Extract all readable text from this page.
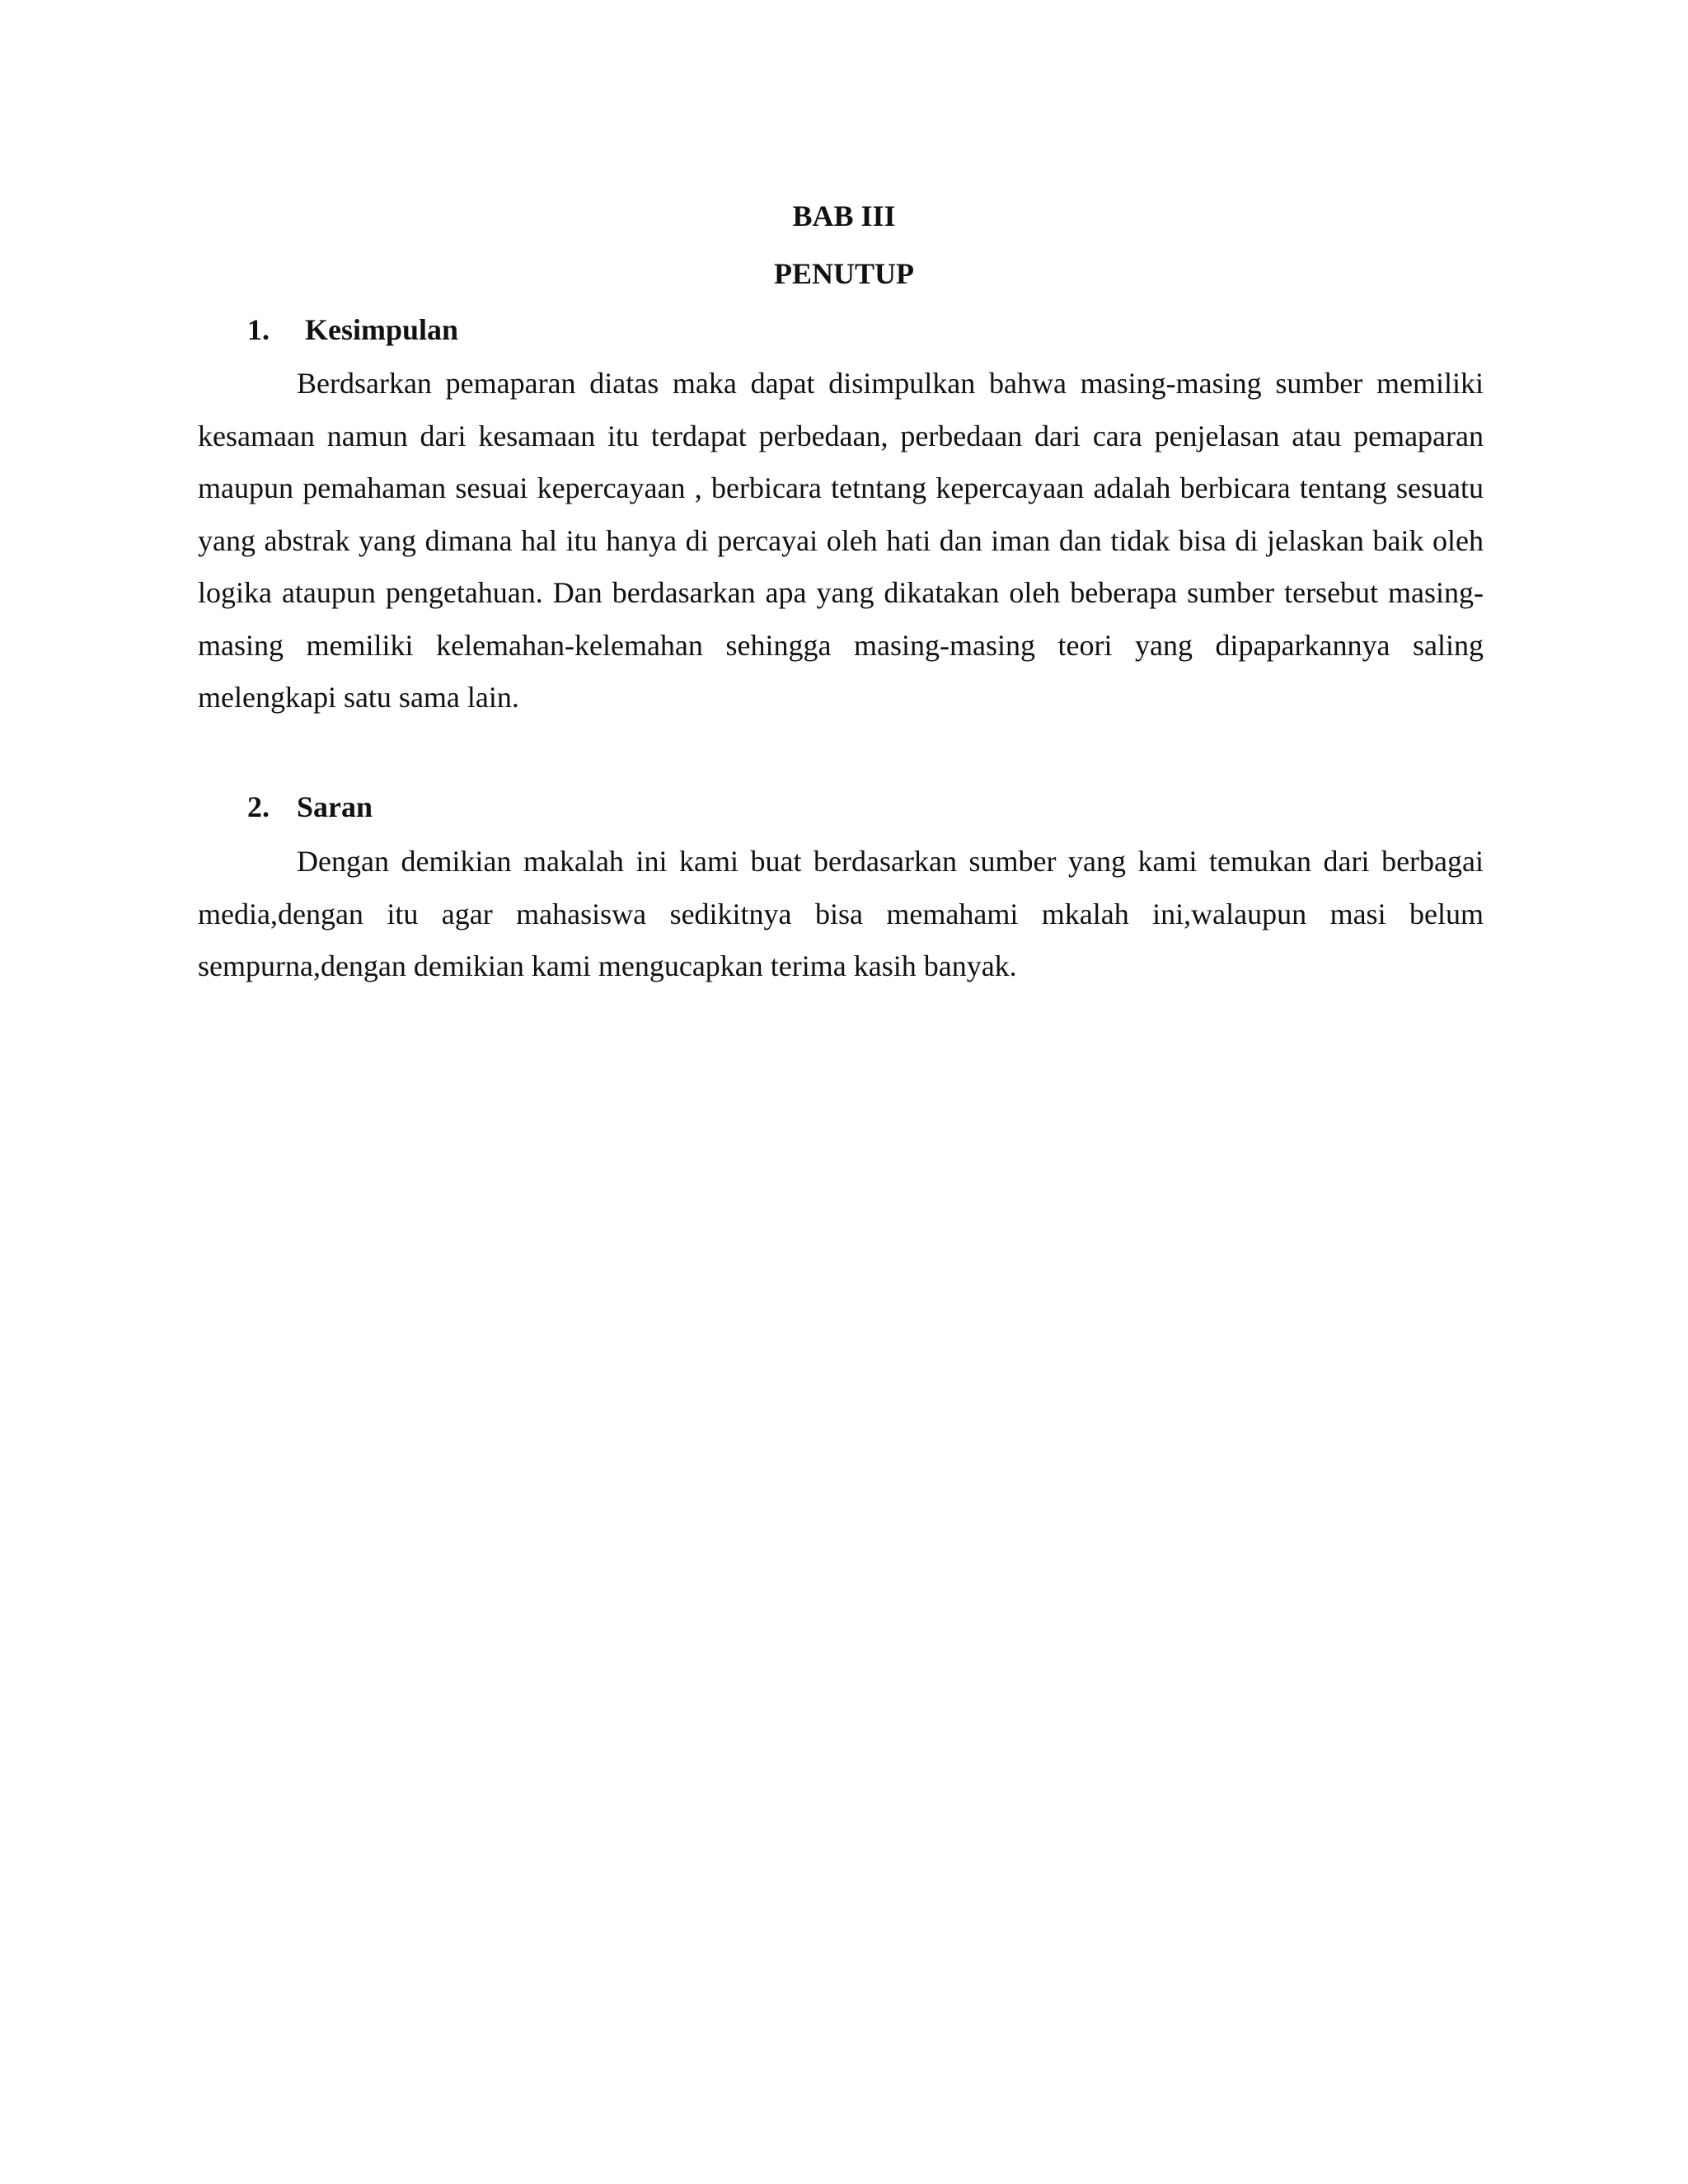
BAB III
PENUTUP
1. Kesimpulan

Berdsarkan pemaparan diatas maka dapat disimpulkan bahwa masing-masing sumber memiliki kesamaan namun dari kesamaan itu terdapat perbedaan, perbedaan dari cara penjelasan atau pemaparan maupun pemahaman sesuai kepercayaan , berbicara tetntang kepercayaan adalah berbicara tentang sesuatu yang abstrak yang dimana hal itu hanya di percayai oleh hati dan iman dan tidak bisa di jelaskan baik oleh logika ataupun pengetahuan. Dan berdasarkan apa yang dikatakan oleh beberapa sumber tersebut masing-masing memiliki kelemahan-kelemahan sehingga masing-masing teori yang dipaparkannya saling melengkapi satu sama lain.

2. Saran

Dengan demikian makalah ini kami buat berdasarkan sumber yang kami temukan dari berbagai media,dengan itu agar mahasiswa sedikitnya bisa memahami mkalah ini,walaupun masi belum sempurna,dengan demikian kami mengucapkan terima kasih banyak.
